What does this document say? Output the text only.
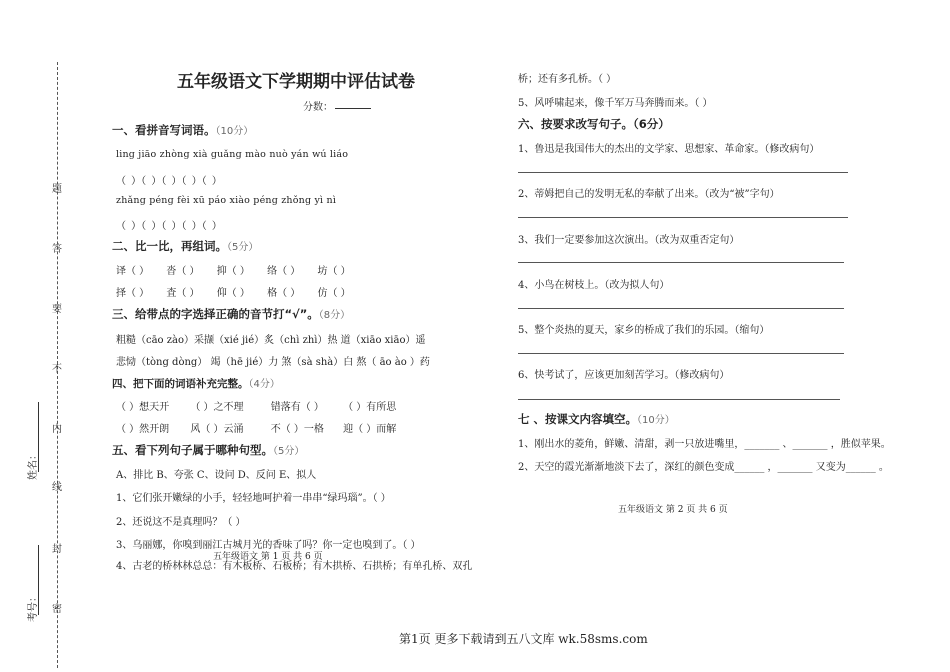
题
答
要
不
内
线
封
密
姓名：
考号：
五年级语文下学期期中评估试卷
分数：
一、看拼音写词语。（10分）
ling jiāo zhòng xià guǎng mào nuò yán wú liáo
（ ）（ ）（ ）（ ）（ ）
zhǎng péng fèi xū páo xiào péng zhǒng yì nì
（ ）（ ）（ ）（ ）（ ）
二、比一比，再组词。（5分）
译（ ） 沓（ ） 抑（ ） 络（ ） 坊（ ）
择（ ） 査（ ） 仰（ ） 格（ ） 仿（ ）
三、给带点的字选择正确的音节打“√”。（8分）
粗糙（cāo zào）采撷（xié jié）炙（chì zhì）热 道（xiāo xiāo）遥
悲恸（tòng dòng） 竭（hē jié）力 煞（sà shà）白 熬（ āo ào ）药
四、把下面的词语补充完整。（4分）
（ ）想天开 （ ）之不理	错落有（ ） （ ）有所思
（ ）然开朗 风（ ）云涌	不（ ）一格 迎（ ）而解
五、看下列句子属于哪种句型。（5分）
A、排比 B、夸张 C、设问 D、反问 E、拟人
1、它们张开嫩绿的小手，轻轻地呵护着一串串“绿玛瑙”。（ ）
2、还说这不是真理吗？（ ）
3、乌丽娜，你嗅到丽江古城月光的香味了吗？你一定也嗅到了。（ ）
五年级语文 第 1 页 共 6 页
4、古老的桥林林总总：有木板桥、石板桥；有木拱桥、石拱桥；有单孔桥、双孔
桥；还有多孔桥。（ ）
5、风呼啸起来，像千军万马奔腾而来。（ ）
六、按要求改写句子。（6分）
1、鲁迅是我国伟大的杰出的文学家、思想家、革命家。（修改病句）
2、蒂姆把自己的发明无私的奉献了出来。（改为“被”字句）
3、我们一定要参加这次演出。（改为双重否定句）
4、小鸟在树枝上。（改为拟人句）
5、整个炎热的夏天，家乡的桥成了我们的乐园。（缩句）
6、快考试了，应该更加刻苦学习。（修改病句）
七 、按课文内容填空。（10分）
1、刚出水的菱角，鲜嫩、清甜，剥一只放进嘴里，_______ 、_______ ，胜似苹果。
2、天空的霞光渐渐地淡下去了，深红的颜色变成______ ，_______ 又变为______ 。
五年级语文 第 2 页 共 6 页
第1页 更多下载请到五八文库 wk.58sms.com
